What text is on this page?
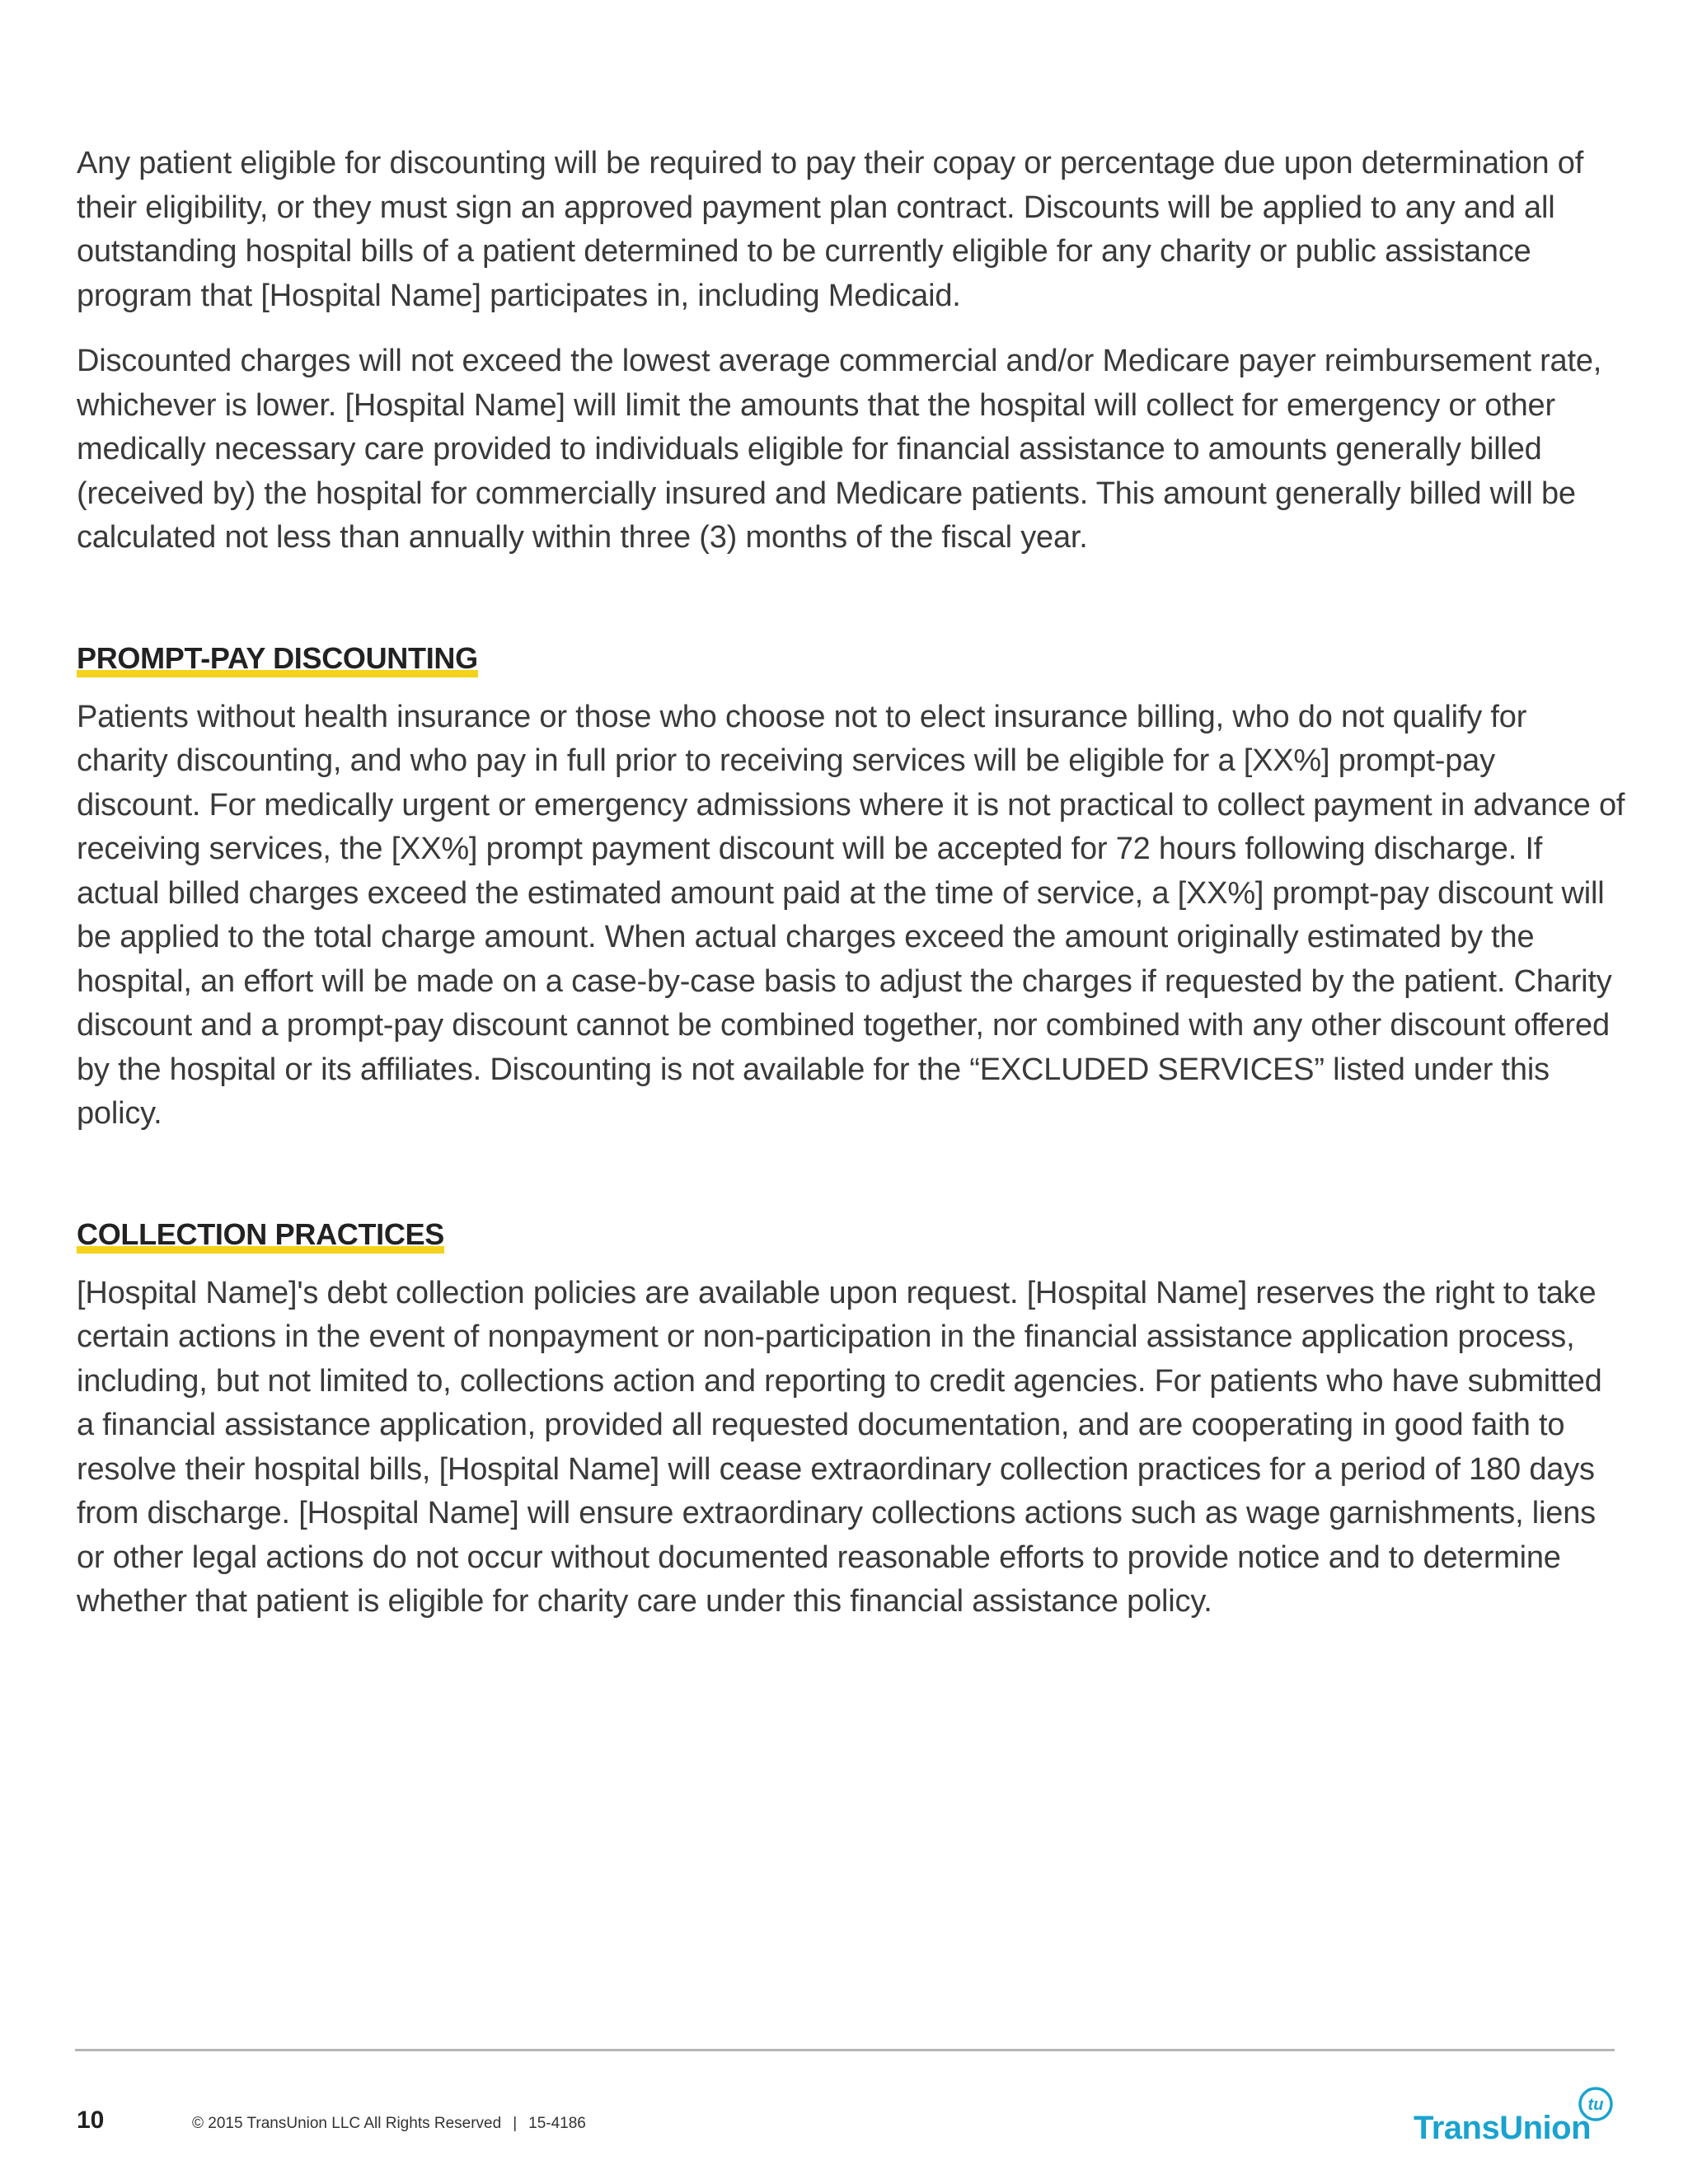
Any patient eligible for discounting will be required to pay their copay or percentage due upon determination of their eligibility, or they must sign an approved payment plan contract. Discounts will be applied to any and all outstanding hospital bills of a patient determined to be currently eligible for any charity or public assistance program that [Hospital Name] participates in, including Medicaid.

Discounted charges will not exceed the lowest average commercial and/or Medicare payer reimbursement rate, whichever is lower. [Hospital Name] will limit the amounts that the hospital will collect for emergency or other medically necessary care provided to individuals eligible for financial assistance to amounts generally billed (received by) the hospital for commercially insured and Medicare patients. This amount generally billed will be calculated not less than annually within three (3) months of the fiscal year.

PROMPT-PAY DISCOUNTING

Patients without health insurance or those who choose not to elect insurance billing, who do not qualify for charity discounting, and who pay in full prior to receiving services will be eligible for a [XX%] prompt-pay discount. For medically urgent or emergency admissions where it is not practical to collect payment in advance of receiving services, the [XX%] prompt payment discount will be accepted for 72 hours following discharge. If actual billed charges exceed the estimated amount paid at the time of service, a [XX%] prompt-pay discount will be applied to the total charge amount. When actual charges exceed the amount originally estimated by the hospital, an effort will be made on a case-by-case basis to adjust the charges if requested by the patient. Charity discount and a prompt-pay discount cannot be combined together, nor combined with any other discount offered by the hospital or its affiliates. Discounting is not available for the “EXCLUDED SERVICES” listed under this policy.

COLLECTION PRACTICES

[Hospital Name]'s debt collection policies are available upon request. [Hospital Name] reserves the right to take certain actions in the event of nonpayment or non-participation in the financial assistance application process, including, but not limited to, collections action and reporting to credit agencies. For patients who have submitted a financial assistance application, provided all requested documentation, and are cooperating in good faith to resolve their hospital bills, [Hospital Name] will cease extraordinary collection practices for a period of 180 days from discharge. [Hospital Name] will ensure extraordinary collections actions such as wage garnishments, liens or other legal actions do not occur without documented reasonable efforts to provide notice and to determine whether that patient is eligible for charity care under this financial assistance policy.

10	© 2015 TransUnion LLC All Rights Reserved | 15-4186	TransUnion
tu
